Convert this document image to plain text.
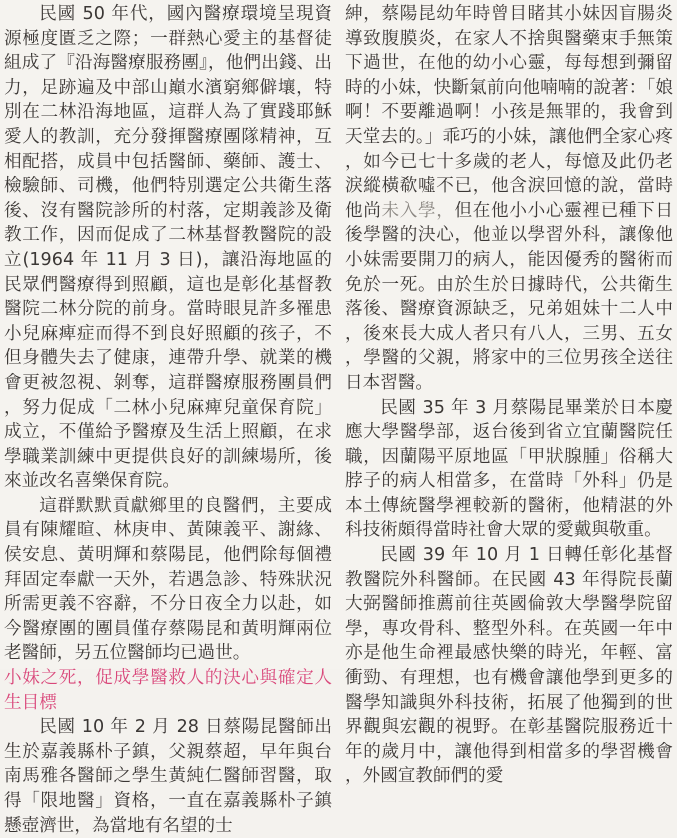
民國 50 年代，國內醫療環境呈現資源極度匱乏之際；一群熱心愛主的基督徒組成了『沿海醫療服務團』，他們出錢、出力，足跡遍及中部山巔水濱窮鄉僻壤，特別在二林沿海地區，這群人為了實踐耶穌愛人的教訓，充分發揮醫療團隊精神，互相配搭，成員中包括醫師、藥師、護士、檢驗師、司機，他們特別選定公共衛生落後、沒有醫院診所的村落，定期義診及衛教工作，因而促成了二林基督教醫院的設立(1964 年 11 月 3 日)，讓沿海地區的民眾們醫療得到照顧，這也是彰化基督教醫院二林分院的前身。當時眼見許多罹患小兒麻痺症而得不到良好照顧的孩子，不但身體失去了健康，連帶升學、就業的機會更被忽視、剝奪，這群醫療服務團員們，努力促成「二林小兒麻痺兒童保育院」成立，不僅給予醫療及生活上照顧，在求學職業訓練中更提供良好的訓練場所，後來並改名喜樂保育院。

這群默默貢獻鄉里的良醫們，主要成員有陳耀暄、林庚申、黃陳義平、謝緣、侯安息、黃明輝和蔡陽昆，他們除每個禮拜固定奉獻一天外，若遇急診、特殊狀況所需更義不容辭，不分日夜全力以赴，如今醫療團的團員僅存蔡陽昆和黃明輝兩位老醫師，另五位醫師均已過世。

小妹之死，促成學醫救人的決心與確定人生目標

民國 10 年 2 月 28 日蔡陽昆醫師出生於嘉義縣朴子鎮，父親蔡超，早年與台南馬雅各醫師之學生黃純仁醫師習醫，取得「限地醫」資格，一直在嘉義縣朴子鎮懸壺濟世，為當地有名望的士

紳，蔡陽昆幼年時曾目睹其小妹因盲腸炎導致腹膜炎，在家人不捨與醫藥束手無策下過世，在他的幼小心靈，每每想到彌留時的小妹，快斷氣前向他喃喃的說著：「娘啊！不要離過啊！小孩是無罪的，我會到天堂去的。」乖巧的小妹，讓他們全家心疼，如今已七十多歲的老人，每憶及此仍老淚縱橫欷噓不已，他含淚回憶的說，當時他尚未入學，但在他小小心靈裡已種下日後學醫的決心，他並以學習外科，讓像他小妹需要開刀的病人，能因優秀的醫術而免於一死。由於生於日據時代，公共衛生落後、醫療資源缺乏，兄弟姐妹十二人中，後來長大成人者只有八人，三男、五女，學醫的父親，將家中的三位男孩全送往日本習醫。

民國 35 年 3 月蔡陽昆畢業於日本慶應大學醫學部，返台後到省立宜蘭醫院任職，因蘭陽平原地區「甲狀腺腫」俗稱大脖子的病人相當多，在當時「外科」仍是本土傳統醫學裡較新的醫術，他精湛的外科技術頗得當時社會大眾的愛戴與敬重。

民國 39 年 10 月 1 日轉任彰化基督教醫院外科醫師。在民國 43 年得院長蘭大弼醫師推薦前往英國倫敦大學醫學院留學，專攻骨科、整型外科。在英國一年中亦是他生命裡最感快樂的時光，年輕、富衝勁、有理想，也有機會讓他學到更多的醫學知識與外科技術，拓展了他獨到的世界觀與宏觀的視野。在彰基醫院服務近十年的歲月中，讓他得到相當多的學習機會，外國宣教師們的愛
